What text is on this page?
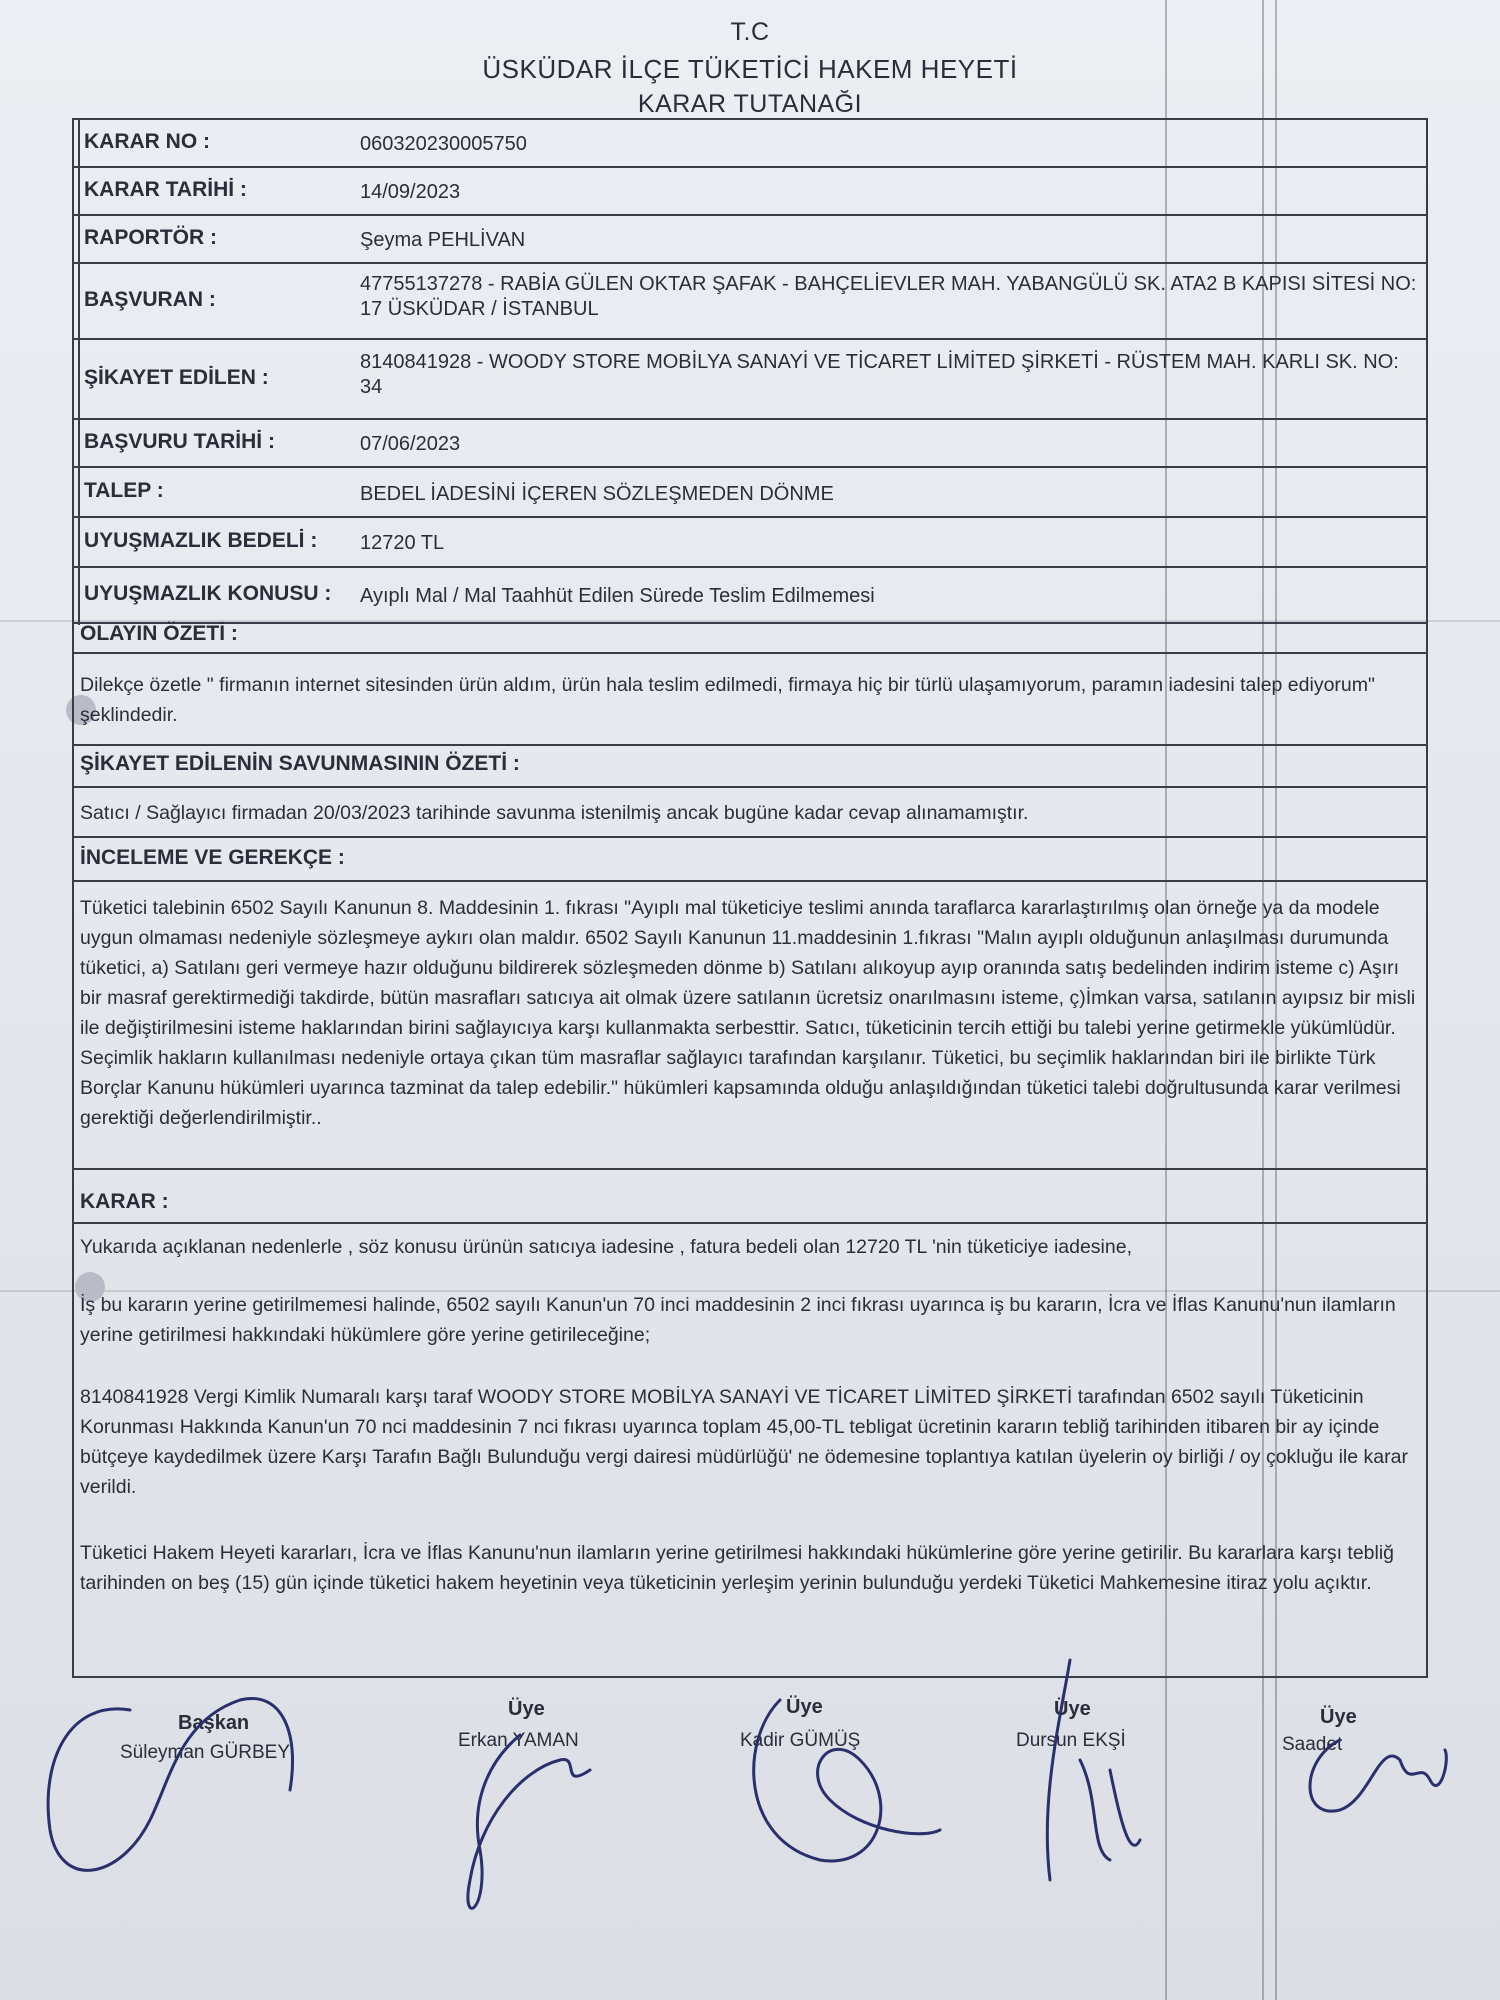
T.C
ÜSKÜDAR İLÇE TÜKETİCİ HAKEM HEYETİ
KARAR TUTANAĞI
KARAR NO :	060320230005750
KARAR TARİHİ :	14/09/2023
RAPORTÖR :	Şeyma PEHLİVAN
BAŞVURAN :
47755137278 - RABİA GÜLEN OKTAR ŞAFAK - BAHÇELİEVLER MAH. YABANGÜLÜ SK. ATA2 B KAPISI SİTESİ NO: 17 ÜSKÜDAR / İSTANBUL
ŞİKAYET EDİLEN :
8140841928 - WOODY STORE MOBİLYA SANAYİ VE TİCARET LİMİTED ŞİRKETİ - RÜSTEM MAH. KARLI SK. NO: 34
BAŞVURU TARİHİ :	07/06/2023
TALEP :	BEDEL İADESİNİ İÇEREN SÖZLEŞMEDEN DÖNME
UYUŞMAZLIK BEDELİ : 12720 TL
UYUŞMAZLIK KONUSU : Ayıplı Mal / Mal Taahhüt Edilen Sürede Teslim Edilmemesi
OLAYIN ÖZETİ :
Dilekçe özetle " firmanın internet sitesinden ürün aldım, ürün hala teslim edilmedi, firmaya hiç bir türlü ulaşamıyorum, paramın iadesini talep ediyorum" şeklindedir.
ŞİKAYET EDİLENİN SAVUNMASININ ÖZETİ :
Satıcı / Sağlayıcı firmadan 20/03/2023 tarihinde savunma istenilmiş ancak bugüne kadar cevap alınamamıştır.
İNCELEME VE GEREKÇE :
Tüketici talebinin 6502 Sayılı Kanunun 8. Maddesinin 1. fıkrası "Ayıplı mal tüketiciye teslimi anında taraflarca kararlaştırılmış olan örneğe ya da modele uygun olmaması nedeniyle sözleşmeye aykırı olan maldır. 6502 Sayılı Kanunun 11.maddesinin 1.fıkrası "Malın ayıplı olduğunun anlaşılması durumunda tüketici, a) Satılanı geri vermeye hazır olduğunu bildirerek sözleşmeden dönme b) Satılanı alıkoyup ayıp oranında satış bedelinden indirim isteme c) Aşırı bir masraf gerektirmediği takdirde, bütün masrafları satıcıya ait olmak üzere satılanın ücretsiz onarılmasını isteme, ç)İmkan varsa, satılanın ayıpsız bir misli ile değiştirilmesini isteme haklarından birini sağlayıcıya karşı kullanmakta serbesttir. Satıcı, tüketicinin tercih ettiği bu talebi yerine getirmekle yükümlüdür. Seçimlik hakların kullanılması nedeniyle ortaya çıkan tüm masraflar sağlayıcı tarafından karşılanır. Tüketici, bu seçimlik haklarından biri ile birlikte Türk Borçlar Kanunu hükümleri uyarınca tazminat da talep edebilir." hükümleri kapsamında olduğu anlaşıldığından tüketici talebi doğrultusunda karar verilmesi gerektiği değerlendirilmiştir..
KARAR :
Yukarıda açıklanan nedenlerle , söz konusu ürünün satıcıya iadesine , fatura bedeli olan 12720 TL 'nin tüketiciye iadesine,
İş bu kararın yerine getirilmemesi halinde, 6502 sayılı Kanun'un 70 inci maddesinin 2 inci fıkrası uyarınca iş bu kararın, İcra ve İflas Kanunu'nun ilamların yerine getirilmesi hakkındaki hükümlere göre yerine getirileceğine;
8140841928 Vergi Kimlik Numaralı karşı taraf WOODY STORE MOBİLYA SANAYİ VE TİCARET LİMİTED ŞİRKETİ tarafından 6502 sayılı Tüketicinin Korunması Hakkında Kanun'un 70 nci maddesinin 7 nci fıkrası uyarınca toplam 45,00-TL tebligat ücretinin kararın tebliğ tarihinden itibaren bir ay içinde bütçeye kaydedilmek üzere Karşı Tarafın Bağlı Bulunduğu vergi dairesi müdürlüğü' ne ödemesine toplantıya katılan üyelerin oy birliği / oy çokluğu ile karar verildi.
Tüketici Hakem Heyeti kararları, İcra ve İflas Kanunu'nun ilamların yerine getirilmesi hakkındaki hükümlerine göre yerine getirilir. Bu kararlara karşı tebliğ tarihinden on beş (15) gün içinde tüketici hakem heyetinin veya tüketicinin yerleşim yerinin bulunduğu yerdeki Tüketici Mahkemesine itiraz yolu açıktır.
Başkan
Süleyman GÜRBEY
Üye
Erkan YAMAN
Üye
Kadir GÜMÜŞ
Üye
Dursun EKŞİ
Üye
Saadet
